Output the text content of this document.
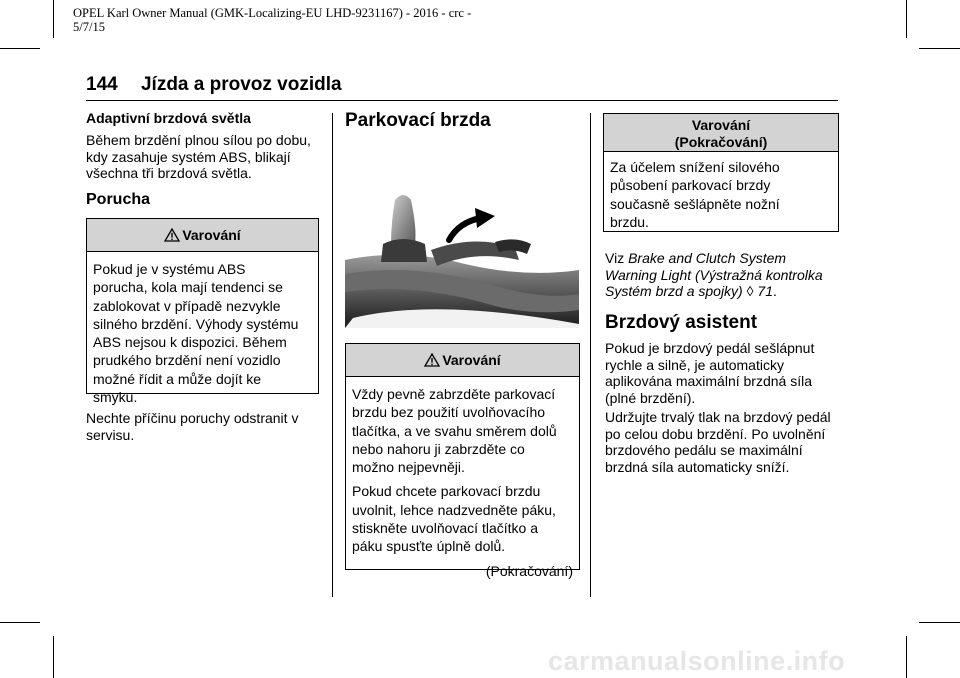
OPEL Karl Owner Manual (GMK-Localizing-EU LHD-9231167) - 2016 - crc -
5/7/15
144 Jízda a provoz vozidla
Adaptivní brzdová světla

Během brzdění plnou sílou po dobu,

kdy zasahuje systém ABS, blikají

všechna tři brzdová světla.

Porucha
Varování
Pokud je v systému ABS
porucha, kola mají tendenci se
zablokovat v případě nezvykle
silného brzdění. Výhody systému
ABS nejsou k dispozici. Během
prudkého brzdění není vozidlo
možné řídit a může dojít ke
smyku.

Nechte příčinu poruchy odstranit v

servisu.

Parkovací brzda
Varování

Vždy pevně zabrzděte parkovací
brzdu bez použití uvolňovacího
tlačítka, a ve svahu směrem dolů
nebo nahoru ji zabrzděte co
možno nejpevněji.

Pokud chcete parkovací brzdu
uvolnit, lehce nadzvedněte páku,
stiskněte uvolňovací tlačítko a
páku spusťte úplně dolů.

(Pokračování)
Varování
(Pokračování)
Za účelem snížení silového
působení parkovací brzdy
současně sešlápněte nožní
brzdu.

Viz Brake and Clutch System

Warning Light (Výstražná kontrolka

Systém brzd a spojky) ◊ 71.

Brzdový asistent

Pokud je brzdový pedál sešlápnut

rychle a silně, je automaticky

aplikována maximální brzdná síla

(plné brzdění).

Udržujte trvalý tlak na brzdový pedál

po celou dobu brzdění. Po uvolnění

brzdového pedálu se maximální

brzdná síla automaticky sníží.

carmanualsonline.info
